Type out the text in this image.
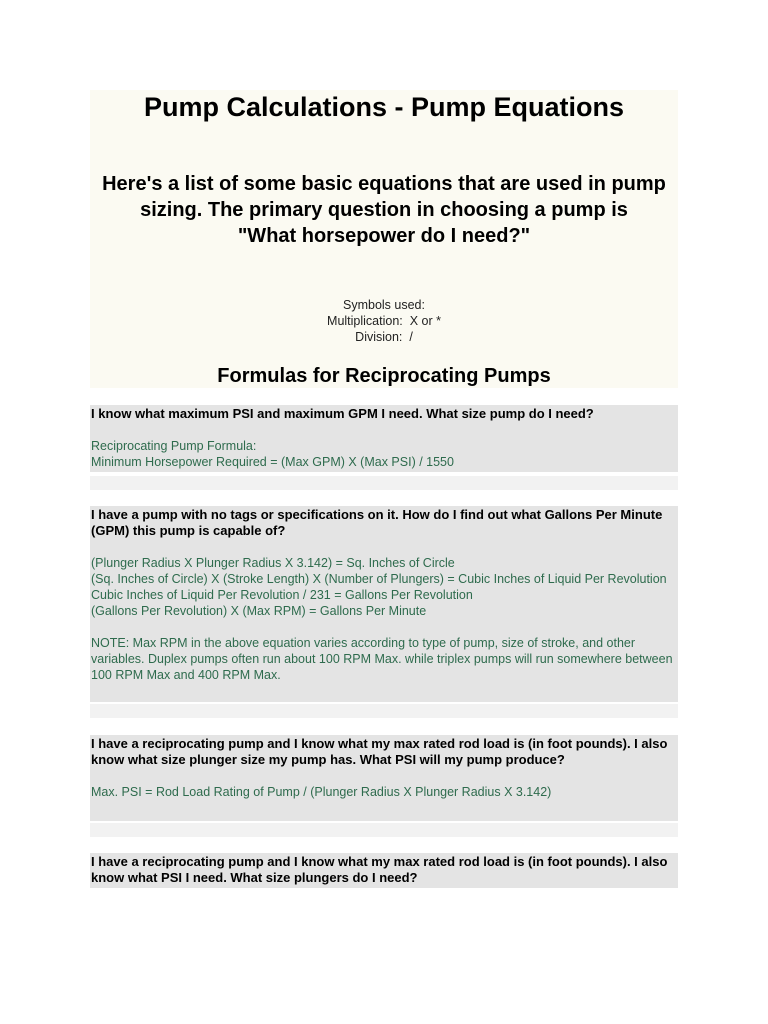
Pump Calculations - Pump Equations

Here's a list of some basic equations that are used in pump sizing. The primary question in choosing a pump is
"What horsepower do I need?"

Symbols used:
Multiplication:  X or *
Division:  /
Formulas for Reciprocating Pumps

I know what maximum PSI and maximum GPM I need. What size pump do I need?

Reciprocating Pump Formula:

Minimum Horsepower Required = (Max GPM) X (Max PSI) / 1550

I have a pump with no tags or specifications on it. How do I find out what Gallons Per Minute (GPM) this pump is capable of?

(Plunger Radius X Plunger Radius X 3.142) = Sq. Inches of Circle

(Sq. Inches of Circle) X (Stroke Length) X (Number of Plungers) = Cubic Inches of Liquid Per Revolution

Cubic Inches of Liquid Per Revolution / 231 = Gallons Per Revolution

(Gallons Per Revolution) X (Max RPM) = Gallons Per Minute

NOTE: Max RPM in the above equation varies according to type of pump, size of stroke, and other variables. Duplex pumps often run about 100 RPM Max. while triplex pumps will run somewhere between 100 RPM Max and 400 RPM Max.

I have a reciprocating pump and I know what my max rated rod load is (in foot pounds). I also know what size plunger size my pump has. What PSI will my pump produce?

Max. PSI = Rod Load Rating of Pump / (Plunger Radius X Plunger Radius X 3.142)

I have a reciprocating pump and I know what my max rated rod load is (in foot pounds). I also know what PSI I need. What size plungers do I need?
